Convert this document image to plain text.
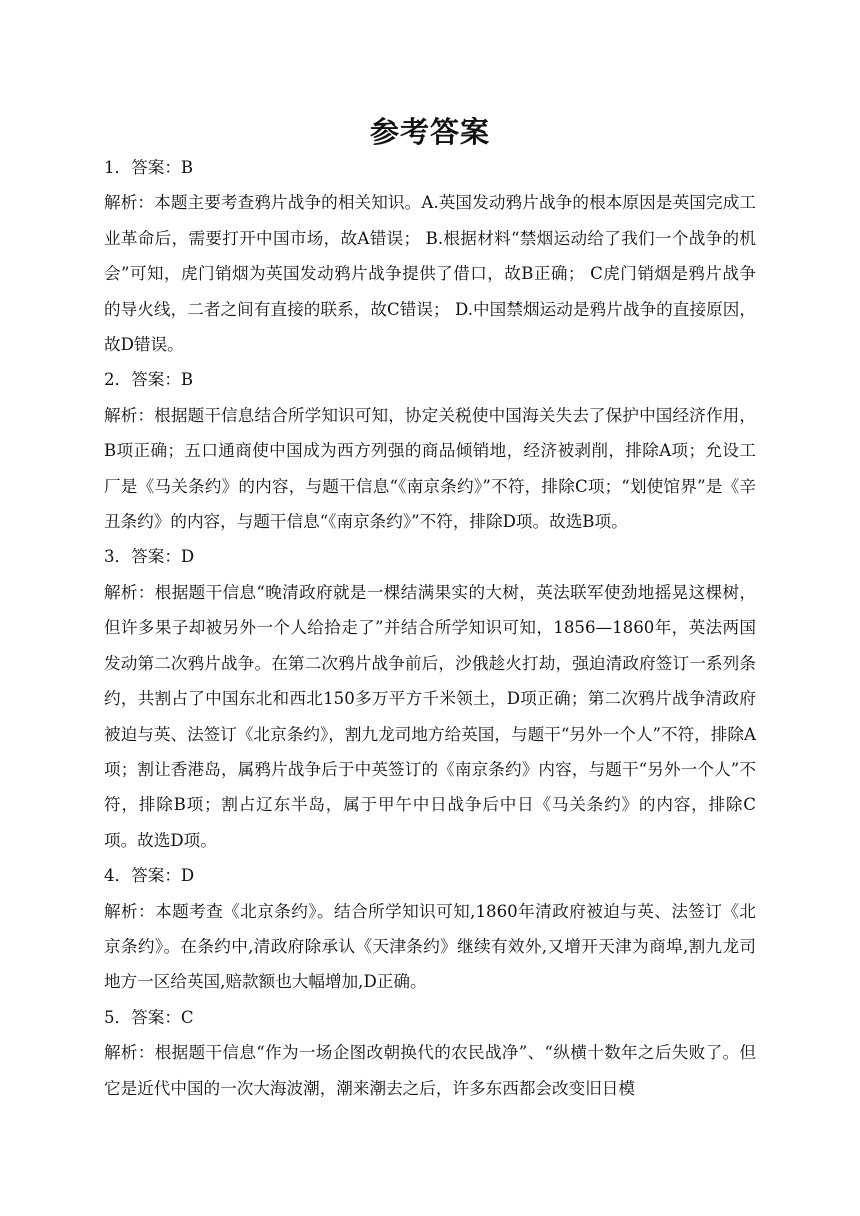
参考答案

1．答案：B

解析：本题主要考查鸦片战争的相关知识。A.英国发动鸦片战争的根本原因是英国完成工业革命后，需要打开中国市场，故A错误； B.根据材料“禁烟运动给了我们一个战争的机会”可知，虎门销烟为英国发动鸦片战争提供了借口，故B正确； C虎门销烟是鸦片战争的导火线，二者之间有直接的联系，故C错误； D.中国禁烟运动是鸦片战争的直接原因，故D错误。

2．答案：B

解析：根据题干信息结合所学知识可知，协定关税使中国海关失去了保护中国经济作用，B项正确；五口通商使中国成为西方列强的商品倾销地，经济被剥削，排除A项；允设工厂是《马关条约》的内容，与题干信息“《南京条约》”不符，排除C项；“划使馆界”是《辛丑条约》的内容，与题干信息“《南京条约》”不符，排除D项。故选B项。

3．答案：D

解析：根据题干信息“晚清政府就是一棵结满果实的大树，英法联军使劲地摇晃这棵树，但许多果子却被另外一个人给拾走了”并结合所学知识可知，1856—1860年，英法两国发动第二次鸦片战争。在第二次鸦片战争前后，沙俄趁火打劫，强迫清政府签订一系列条约，共割占了中国东北和西北150多万平方千米领土，D项正确；第二次鸦片战争清政府被迫与英、法签订《北京条约》，割九龙司地方给英国，与题干“另外一个人”不符，排除A项；割让香港岛，属鸦片战争后于中英签订的《南京条约》内容，与题干“另外一个人”不符，排除B项；割占辽东半岛，属于甲午中日战争后中日《马关条约》的内容，排除C项。故选D项。

4．答案：D

解析：本题考查《北京条约》。结合所学知识可知,1860年清政府被迫与英、法签订《北京条约》。在条约中,清政府除承认《天津条约》继续有效外,又增开天津为商埠,割九龙司地方一区给英国,赔款额也大幅增加,D正确。

5．答案：C

解析：根据题干信息“作为一场企图改朝换代的农民战净”、“纵横十数年之后失败了。但它是近代中国的一次大海波潮，潮来潮去之后，许多东西都会改变旧日模
